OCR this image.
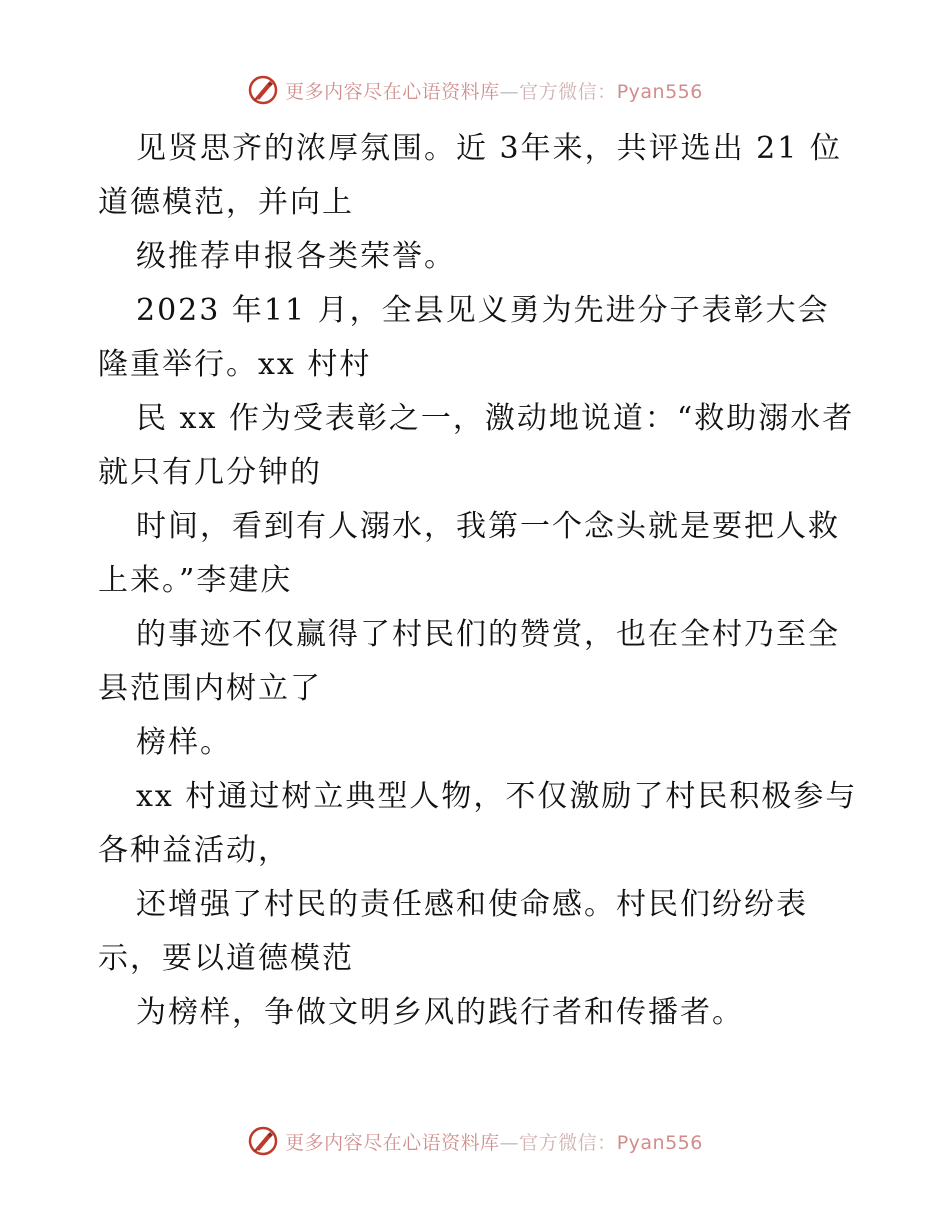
更多内容尽在心语资料库—官方微信：Pyan556

见贤思齐的浓厚氛围。近 3年来，共评选出 21 位道德模范，并向上

级推荐申报各类荣誉。

2023 年11 月，全县见义勇为先进分子表彰大会隆重举行。xx 村村

民 xx 作为受表彰之一，激动地说道：“救助溺水者就只有几分钟的

时间，看到有人溺水，我第一个念头就是要把人救上来。”李建庆

的事迹不仅赢得了村民们的赞赏，也在全村乃至全县范围内树立了

榜样。

xx 村通过树立典型人物，不仅激励了村民积极参与各种益活动，

还增强了村民的责任感和使命感。村民们纷纷表示，要以道德模范

为榜样，争做文明乡风的践行者和传播者。

更多内容尽在心语资料库—官方微信：Pyan556
